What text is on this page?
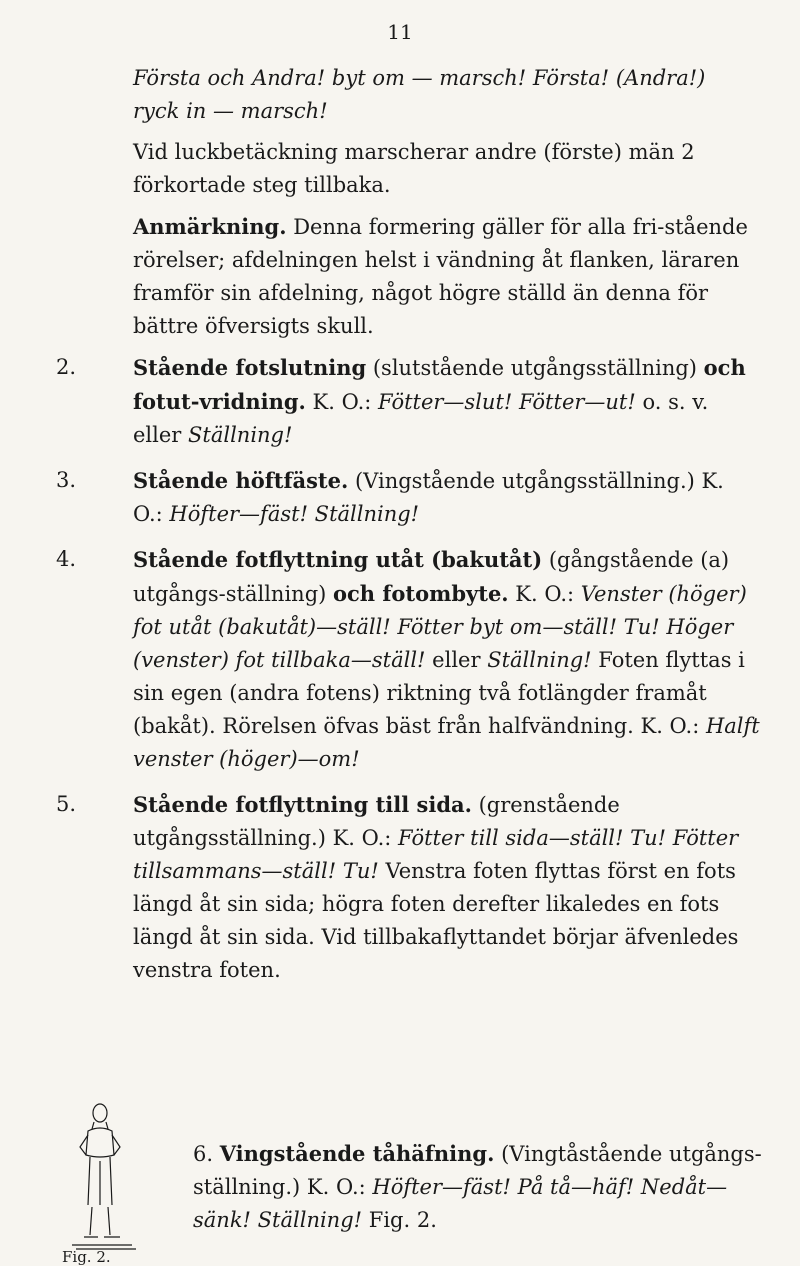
11
Första och Andra! byt om — marsch! Första! (Andra!)
ryck in — marsch!

Vid luckbetäckning marscherar andre (förste) män 2 förkortade steg tillbaka.

Anmärkning. Denna formering gäller för alla fri-stående rörelser; afdelningen helst i vändning åt flanken, läraren framför sin afdelning, något högre ställd än denna för bättre öfversigts skull.

2.	Stående fotslutning (slutstående utgångsställning) och fotut-vridning. K. O.: Fötter—slut! Fötter—ut! o. s. v. eller Ställning!
3.	Stående höftfäste. (Vingstående utgångsställning.) K. O.: Höfter—fäst! Ställning!
4.	Stående fotflyttning utåt (bakutåt) (gångstående (a) utgångs-ställning) och fotombyte. K. O.: Venster (höger) fot utåt (bakutåt)—ställ! Fötter byt om—ställ! Tu! Höger (venster) fot tillbaka—ställ! eller Ställning! Foten flyttas i sin egen (andra fotens) riktning två fotlängder framåt (bakåt). Rörelsen öfvas bäst från halfvändning. K. O.: Halft venster (höger)—om!
5.	Stående fotflyttning till sida. (grenstående utgångsställning.) K. O.: Fötter till sida—ställ! Tu! Fötter tillsammans—ställ! Tu! Venstra foten flyttas först en fots längd åt sin sida; högra foten derefter likaledes en fots längd åt sin sida. Vid tillbakaflyttandet börjar äfvenledes venstra foten.
Fig. 2.
6. Vingstående tåhäfning. (Vingtåstående utgångs-ställning.) K. O.: Höfter—fäst! På tå—häf! Nedåt—sänk! Ställning! Fig. 2.
